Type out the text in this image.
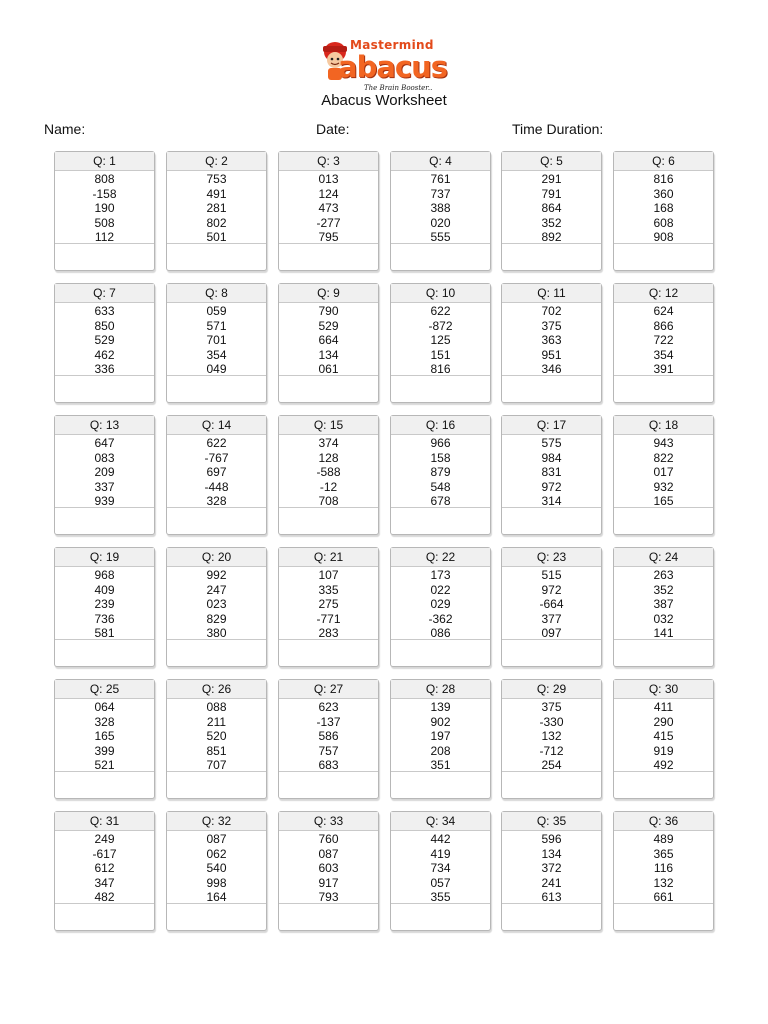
Mastermind
abacus
The Brain Booster..
Abacus Worksheet
Name:	Date:	Time Duration:
Q: 1
808
-158
190
508
112
Q: 2
753
491
281
802
501
Q: 3
013
124
473
-277
795
Q: 4
761
737
388
020
555
Q: 5
291
791
864
352
892
Q: 6
816
360
168
608
908
Q: 7
633
850
529
462
336
Q: 8
059
571
701
354
049
Q: 9
790
529
664
134
061
Q: 10
622
-872
125
151
816
Q: 11
702
375
363
951
346
Q: 12
624
866
722
354
391
Q: 13
647
083
209
337
939
Q: 14
622
-767
697
-448
328
Q: 15
374
128
-588
-12
708
Q: 16
966
158
879
548
678
Q: 17
575
984
831
972
314
Q: 18
943
822
017
932
165
Q: 19
968
409
239
736
581
Q: 20
992
247
023
829
380
Q: 21
107
335
275
-771
283
Q: 22
173
022
029
-362
086
Q: 23
515
972
-664
377
097
Q: 24
263
352
387
032
141
Q: 25
064
328
165
399
521
Q: 26
088
211
520
851
707
Q: 27
623
-137
586
757
683
Q: 28
139
902
197
208
351
Q: 29
375
-330
132
-712
254
Q: 30
411
290
415
919
492
Q: 31
249
-617
612
347
482
Q: 32
087
062
540
998
164
Q: 33
760
087
603
917
793
Q: 34
442
419
734
057
355
Q: 35
596
134
372
241
613
Q: 36
489
365
116
132
661
